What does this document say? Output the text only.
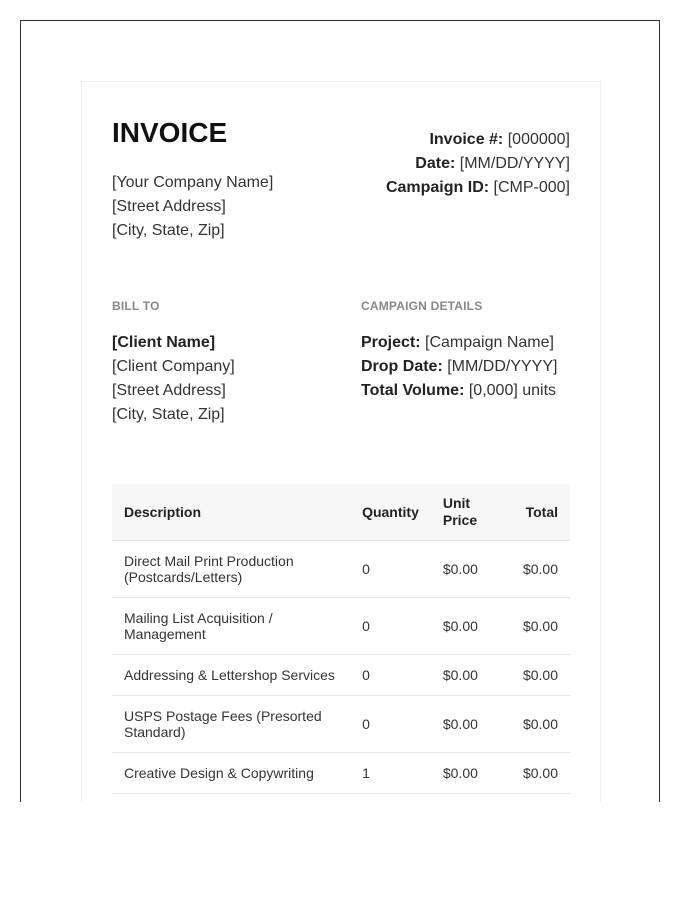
INVOICE
[Your Company Name]
[Street Address]
[City, State, Zip]
Invoice #: [000000]
Date: [MM/DD/YYYY]
Campaign ID: [CMP-000]
BILL TO	CAMPAIGN DETAILS
[Client Name]
[Client Company]
[Street Address]
[City, State, Zip]
Project: [Campaign Name]
Drop Date: [MM/DD/YYYY]
Total Volume: [0,000] units
Description	Quantity	Unit Price	Total
Direct Mail Print Production (Postcards/Letters)	0	$0.00	$0.00
Mailing List Acquisition / Management	0	$0.00	$0.00
Addressing & Lettershop Services	0	$0.00	$0.00
USPS Postage Fees (Presorted Standard)	0	$0.00	$0.00
Creative Design & Copywriting	1	$0.00	$0.00
